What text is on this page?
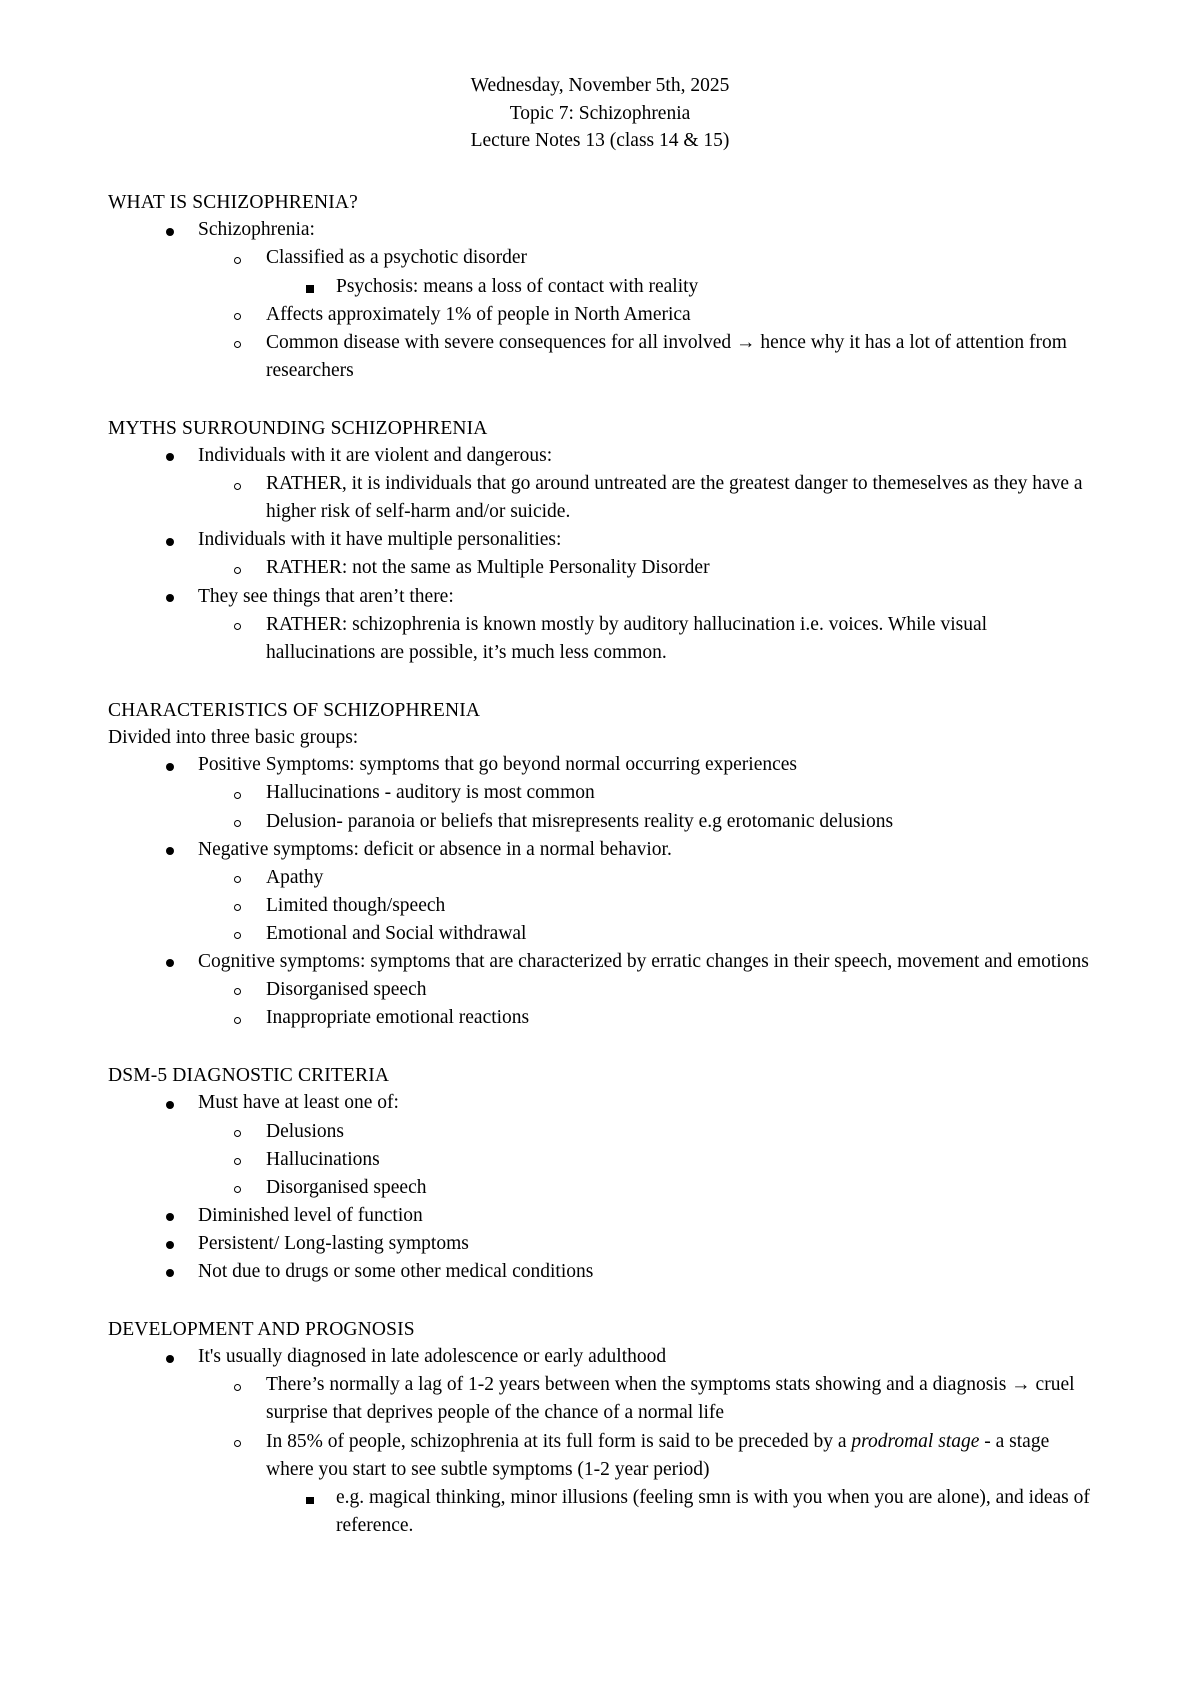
Wednesday, November 5th, 2025
Topic 7: Schizophrenia
Lecture Notes 13 (class 14 & 15)
WHAT IS SCHIZOPHRENIA?
Schizophrenia:
Classified as a psychotic disorder
Psychosis: means a loss of contact with reality
Affects approximately 1% of people in North America
Common disease with severe consequences for all involved → hence why it has a lot of attention from researchers
MYTHS SURROUNDING SCHIZOPHRENIA
Individuals with it are violent and dangerous:
RATHER, it is individuals that go around untreated are the greatest danger to themeselves as they have a higher risk of self-harm and/or suicide.
Individuals with it have multiple personalities:
RATHER: not the same as Multiple Personality Disorder
They see things that aren’t there:
RATHER: schizophrenia is known mostly by auditory hallucination i.e. voices. While visual hallucinations are possible, it’s much less common.
CHARACTERISTICS OF SCHIZOPHRENIA
Divided into three basic groups:
Positive Symptoms: symptoms that go beyond normal occurring experiences
Hallucinations - auditory is most common
Delusion- paranoia or beliefs that misrepresents reality e.g erotomanic delusions
Negative symptoms: deficit or absence in a normal behavior.
Apathy
Limited though/speech
Emotional and Social withdrawal
Cognitive symptoms: symptoms that are characterized by erratic changes in their speech, movement and emotions
Disorganised speech
Inappropriate emotional reactions
DSM-5 DIAGNOSTIC CRITERIA
Must have at least one of:
Delusions
Hallucinations
Disorganised speech
Diminished level of function
Persistent/ Long-lasting symptoms
Not due to drugs or some other medical conditions
DEVELOPMENT AND PROGNOSIS
It's usually diagnosed in late adolescence or early adulthood
There’s normally a lag of 1-2 years between when the symptoms stats showing and a diagnosis → cruel surprise that deprives people of the chance of a normal life
In 85% of people, schizophrenia at its full form is said to be preceded by a prodromal stage - a stage where you start to see subtle symptoms (1-2 year period)
e.g. magical thinking, minor illusions (feeling smn is with you when you are alone), and ideas of reference.
